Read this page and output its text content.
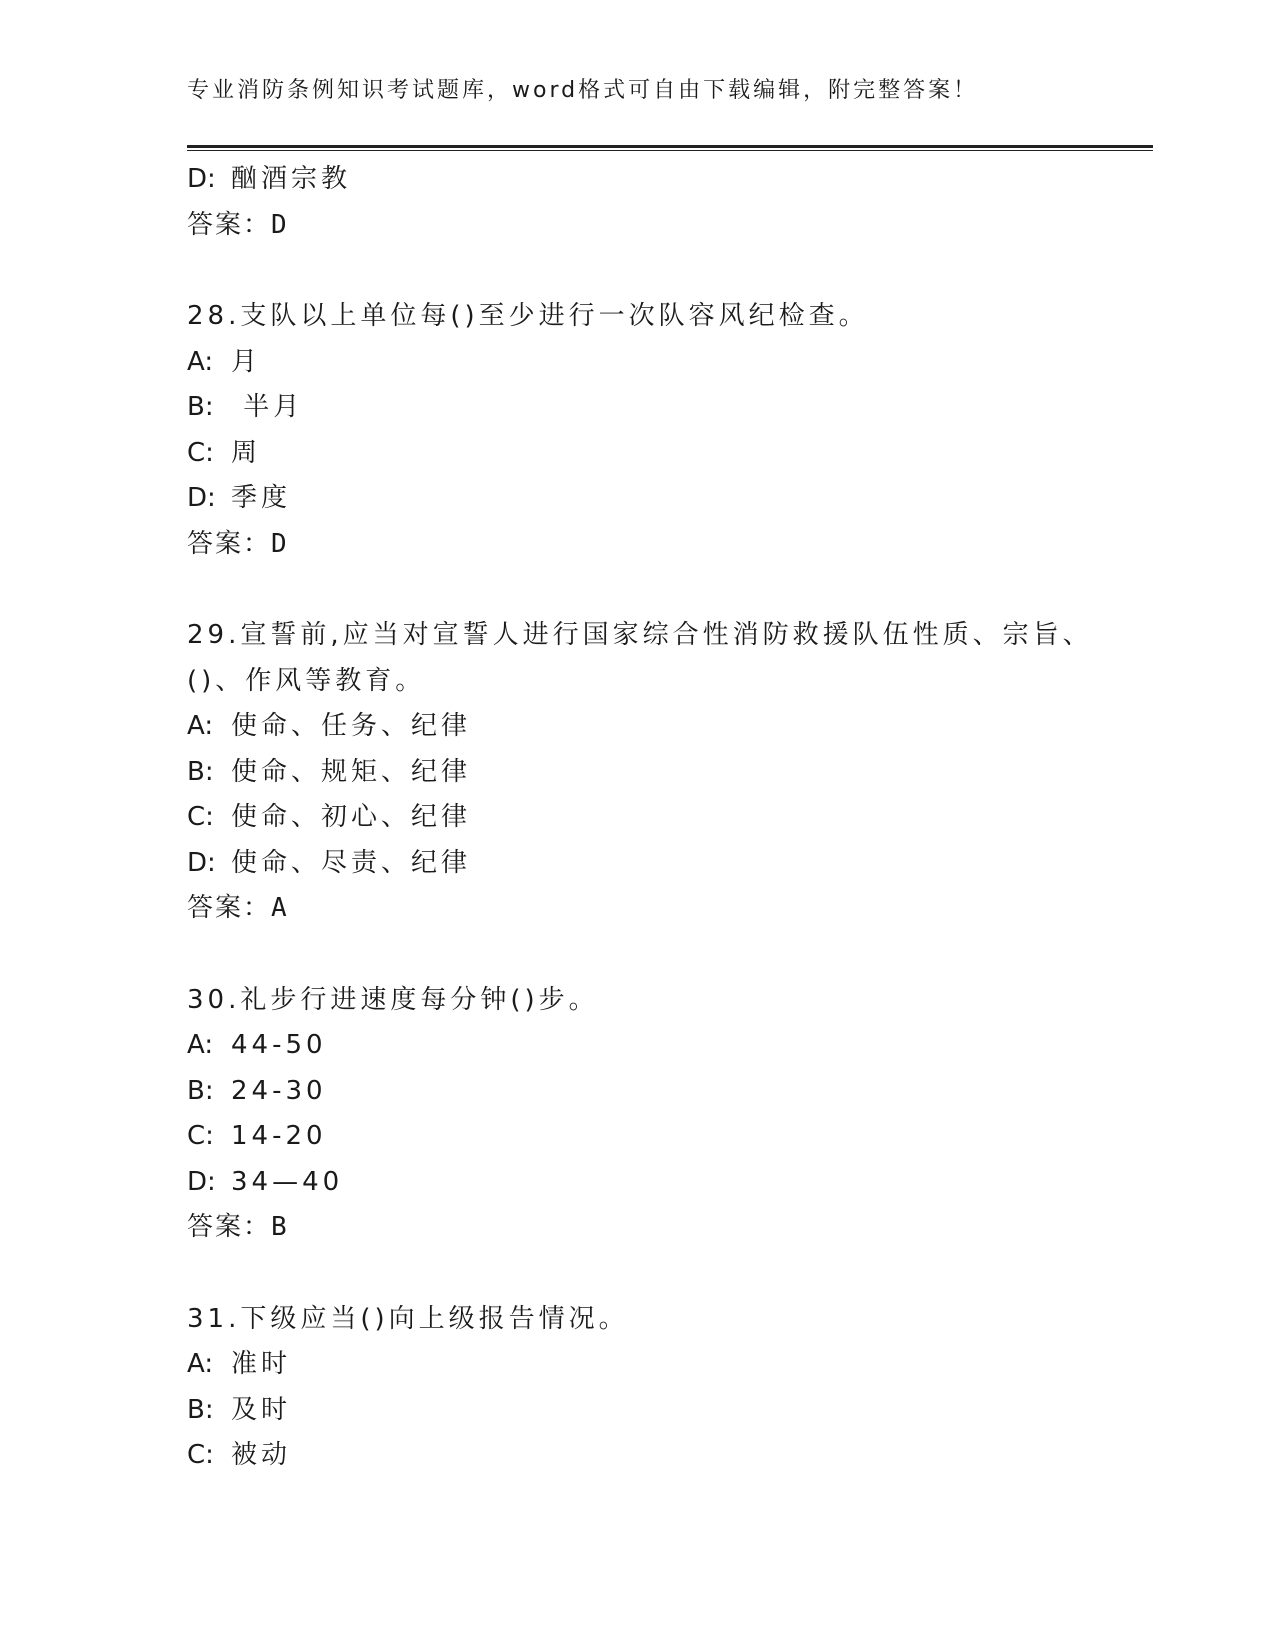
专业消防条例知识考试题库，word格式可自由下载编辑，附完整答案！
D: 酗酒宗教
答案：D
28.支队以上单位每()至少进行一次队容风纪检查。
A: 月
B: 半月
C: 周
D: 季度
答案：D
29.宣誓前,应当对宣誓人进行国家综合性消防救援队伍性质、宗旨、
()、作风等教育。
A: 使命、任务、纪律
B: 使命、规矩、纪律
C: 使命、初心、纪律
D: 使命、尽责、纪律
答案：A
30.礼步行进速度每分钟()步。
A: 44-50
B: 24-30
C: 14-20
D: 34—40
答案：B
31.下级应当()向上级报告情况。
A: 准时
B: 及时
C: 被动
